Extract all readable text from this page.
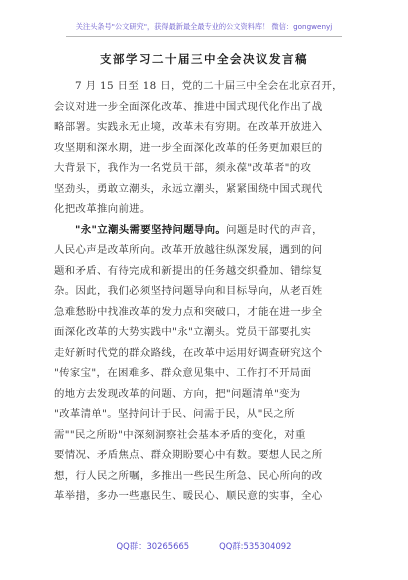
关注头条号"公文研究"，获得最新最全最专业的公文资料库！ 微信：gongwenyj
支部学习二十届三中全会决议发言稿
7 月 15 日至 18 日，党的二十届三中全会在北京召开，
会议对进一步全面深化改革、推进中国式现代化作出了战
略部署。实践永无止境，改革未有穷期。在改革开放进入
攻坚期和深水期，进一步全面深化改革的任务更加艰巨的
大背景下，我作为一名党员干部，须永葆"改革者"的攻
坚劲头，勇敢立潮头，永远立潮头，紧紧围绕中国式现代
化把改革推向前进。
"永"立潮头需要坚持问题导向。问题是时代的声音，
人民心声是改革所向。改革开放越往纵深发展，遇到的问
题和矛盾、有待完成和新提出的任务越交织叠加、错综复
杂。因此，我们必须坚持问题导向和目标导向，从老百姓
急难愁盼中找准改革的发力点和突破口，才能在进一步全
面深化改革的大势实践中"永"立潮头。党员干部要扎实
走好新时代党的群众路线，在改革中运用好调查研究这个
"传家宝"，在困难多、群众意见集中、工作打不开局面
的地方去发现改革的问题、方向，把"问题清单"变为
"改革清单"。坚持问计于民、问需于民，从"民之所
需""民之所盼"中深刻洞察社会基本矛盾的变化，对重
要情况、矛盾焦点、群众期盼要心中有数。要想人民之所
想，行人民之所嘱，多推出一些民生所急、民心所向的改
革举措，多办一些惠民生、暖民心、顺民意的实事，全心
QQ群：30265665	QQ群:535304092
